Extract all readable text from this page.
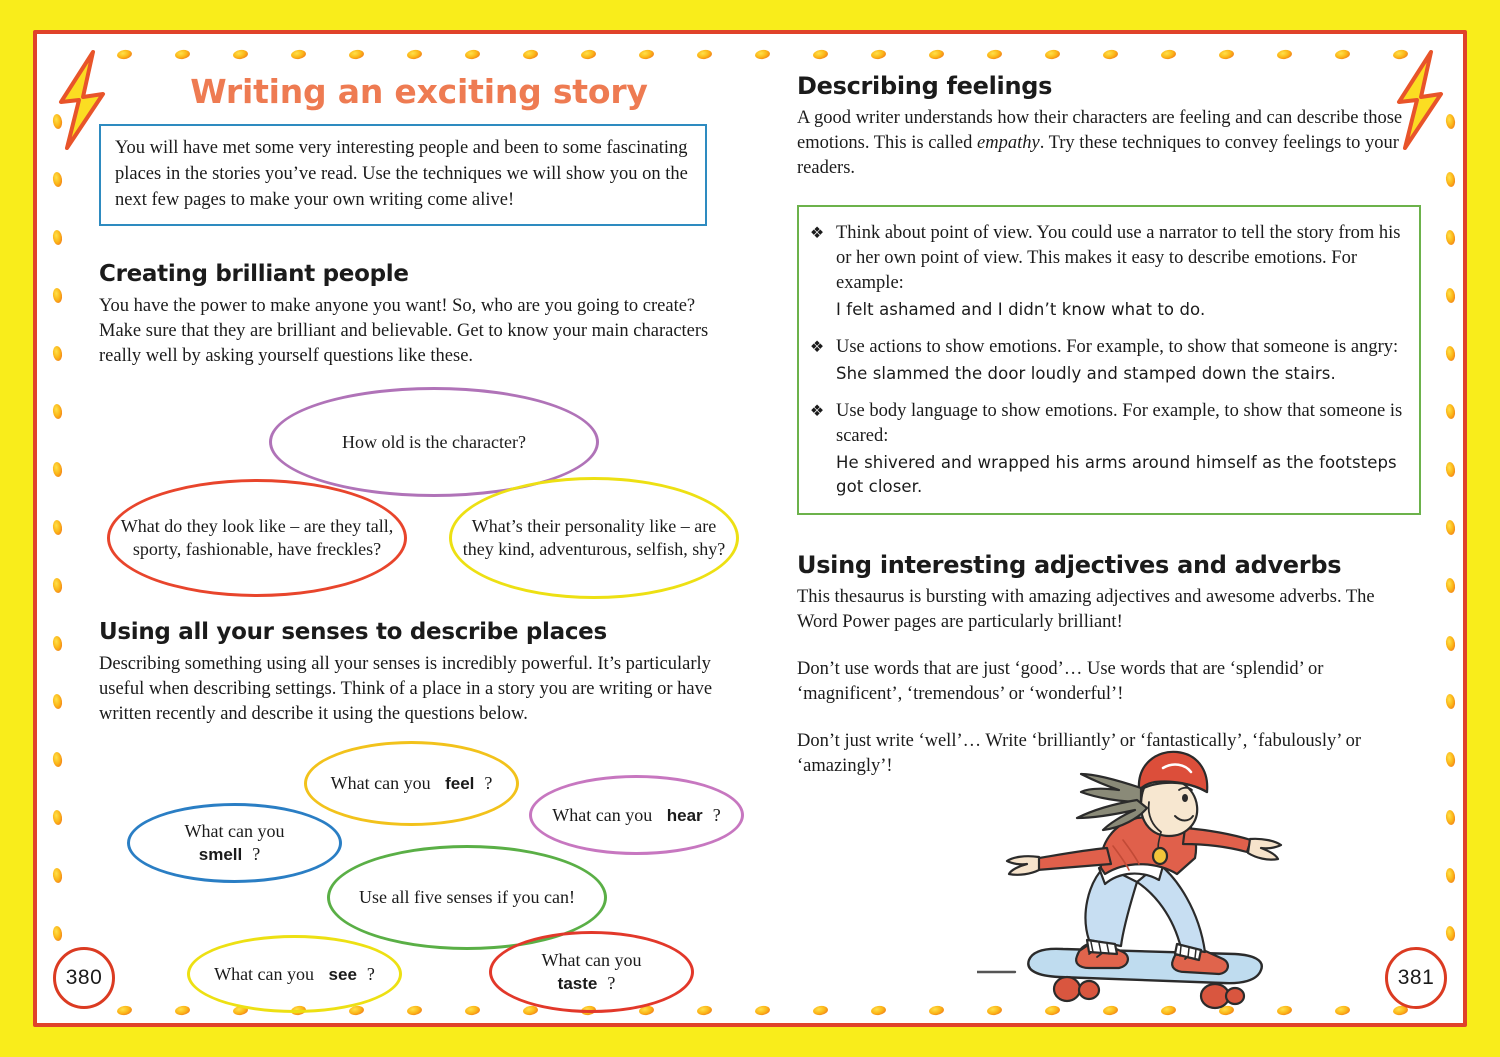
380	381
Writing an exciting story

You will have met some very interesting people and been to some fascinating places in the stories you’ve read. Use the techniques we will show you on the next few pages to make your own writing come alive!

Creating brilliant people

You have the power to make anyone you want! So, who are you going to create? Make sure that they are brilliant and believable. Get to know your main characters really well by asking yourself questions like these.

How old is the character?
What do they look like – are they tall, sporty, fashionable, have freckles?
What’s their personality like – are they kind, adventurous, selfish, shy?
Using all your senses to describe places

Describing something using all your senses is incredibly powerful. It’s particularly useful when describing settings. Think of a place in a story you are writing or have written recently and describe it using the questions below.

What can you feel ?
What can you hear ?
What can you smell ?
Use all five senses if you can!
What can you see ?
What can you taste ?
Describing feelings

A good writer understands how their characters are feeling and can describe those emotions. This is called empathy. Try these techniques to convey feelings to your readers.

❖ Think about point of view. You could use a narrator to tell the story from his or her own point of view. This makes it easy to describe emotions. For example:
I felt ashamed and I didn’t know what to do.
❖ Use actions to show emotions. For example, to show that someone is angry:
She slammed the door loudly and stamped down the stairs.
❖ Use body language to show emotions. For example, to show that someone is scared:
He shivered and wrapped his arms around himself as the footsteps got closer.
Using interesting adjectives and adverbs

This thesaurus is bursting with amazing adjectives and awesome adverbs. The Word Power pages are particularly brilliant!

Don’t use words that are just ‘good’… Use words that are ‘splendid’ or ‘magnificent’, ‘tremendous’ or ‘wonderful’!

Don’t just write ‘well’… Write ‘brilliantly’ or ‘fantastically’, ‘fabulously’ or ‘amazingly’!
